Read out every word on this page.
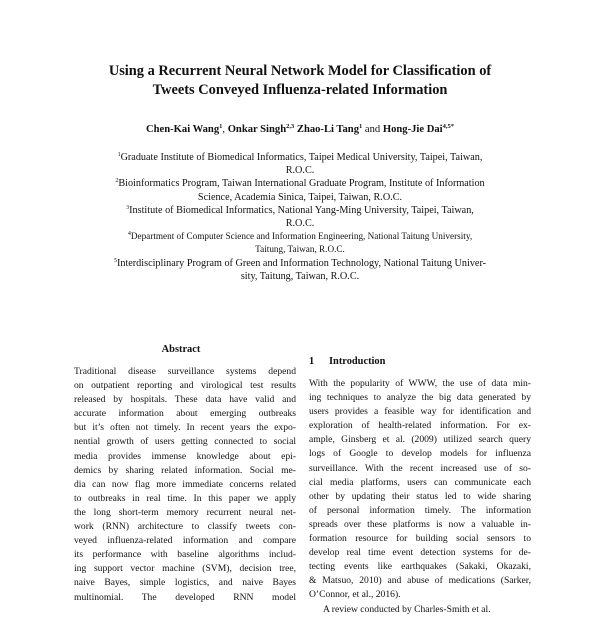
Using a Recurrent Neural Network Model for Classification of
Tweets Conveyed Influenza-related Information
Chen-Kai Wang$^1$, Onkar Singh$^{2,3}$ Zhao-Li Tang$^1$ and Hong-Jie Dai$^{4,5*}$
$^1$Graduate Institute of Biomedical Informatics, Taipei Medical University, Taipei, Taiwan,
R.O.C.
$^2$Bioinformatics Program, Taiwan International Graduate Program, Institute of Information
Science, Academia Sinica, Taipei, Taiwan, R.O.C.
$^3$Institute of Biomedical Informatics, National Yang-Ming University, Taipei, Taiwan,
R.O.C.
$^4$Department of Computer Science and Information Engineering, National Taitung University,
Taitung, Taiwan, R.O.C.
$^5$Interdisciplinary Program of Green and Information Technology, National Taitung Univer-
sity, Taitung, Taiwan, R.O.C.
Abstract
Traditional disease surveillance systems depend
on outpatient reporting and virological test results
released by hospitals. These data have valid and
accurate information about emerging outbreaks
but it’s often not timely. In recent years the expo-
nential growth of users getting connected to social
media provides immense knowledge about epi-
demics by sharing related information. Social me-
dia can now flag more immediate concerns related
to outbreaks in real time. In this paper we apply
the long short-term memory recurrent neural net-
work (RNN) architecture to classify tweets con-
veyed influenza-related information and compare
its performance with baseline algorithms includ-
ing support vector machine (SVM), decision tree,
naive Bayes, simple logistics, and naive Bayes
multinomial. The developed RNN model
1 Introduction
With the popularity of WWW, the use of data min-
ing techniques to analyze the big data generated by
users provides a feasible way for identification and
exploration of health-related information. For ex-
ample, Ginsberg et al. (2009) utilized search query
logs of Google to develop models for influenza
surveillance. With the recent increased use of so-
cial media platforms, users can communicate each
other by updating their status led to wide sharing
of personal information timely. The information
spreads over these platforms is now a valuable in-
formation resource for building social sensors to
develop real time event detection systems for de-
tecting events like earthquakes (Sakaki, Okazaki,
& Matsuo, 2010) and abuse of medications (Sarker,
O’Connor, et al., 2016).
A review conducted by Charles-Smith et al.
